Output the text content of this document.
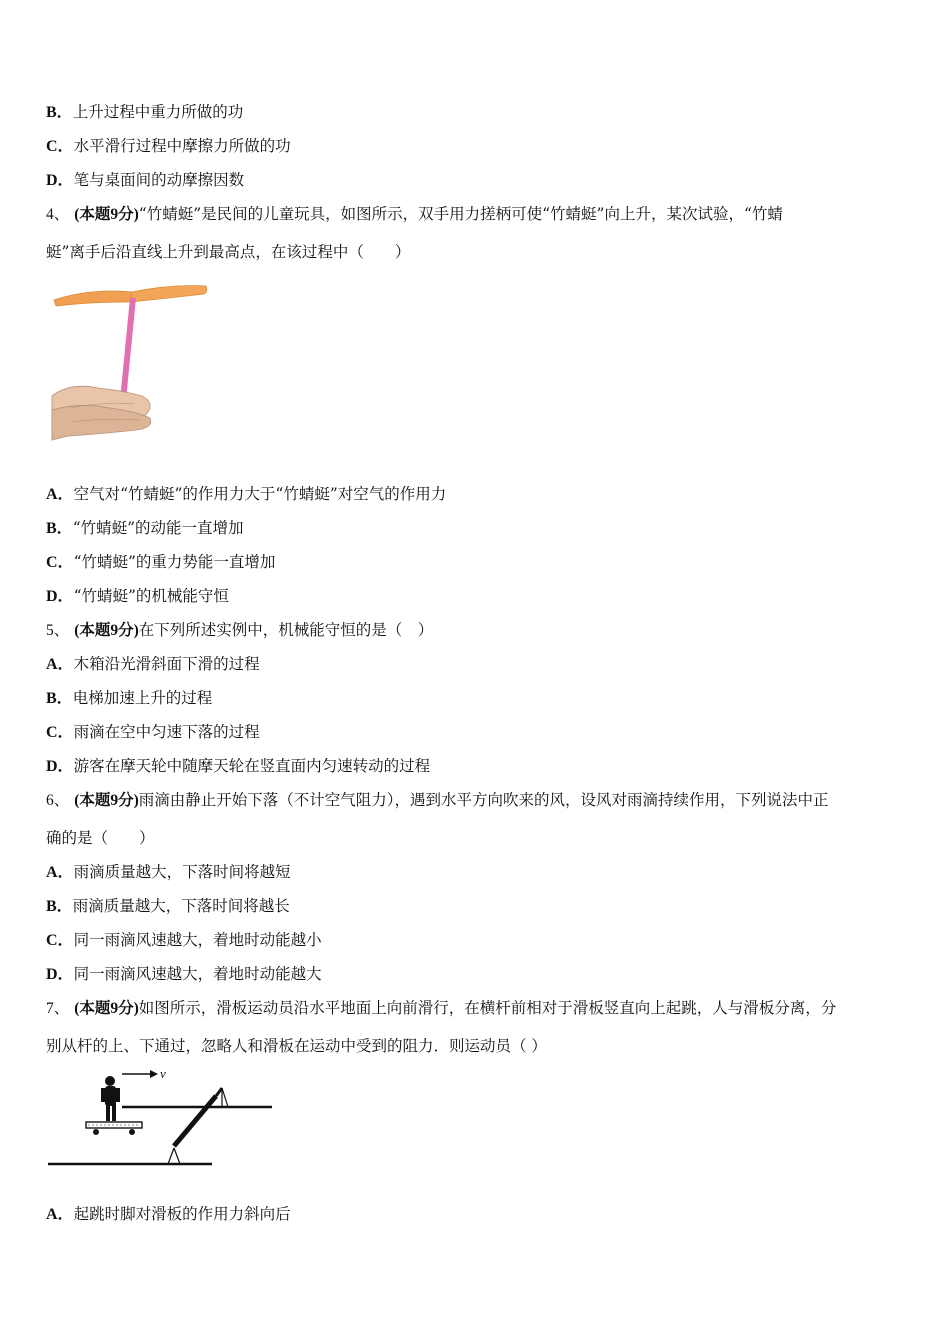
B．上升过程中重力所做的功
C．水平滑行过程中摩擦力所做的功
D．笔与桌面间的动摩擦因数
4、 (本题9分)“竹蜻蜓”是民间的儿童玩具，如图所示，双手用力搓柄可使“竹蜻蜓”向上升，某次试验，“竹蜻
蜓”离手后沿直线上升到最高点，在该过程中（　　）
A．空气对“竹蜻蜓”的作用力大于“竹蜻蜓”对空气的作用力
B．“竹蜻蜓”的动能一直增加
C．“竹蜻蜓”的重力势能一直增加
D．“竹蜻蜓”的机械能守恒
5、 (本题9分)在下列所述实例中，机械能守恒的是（　）
A．木箱沿光滑斜面下滑的过程
B．电梯加速上升的过程
C．雨滴在空中匀速下落的过程
D．游客在摩天轮中随摩天轮在竖直面内匀速转动的过程
6、 (本题9分)雨滴由静止开始下落（不计空气阻力），遇到水平方向吹来的风，设风对雨滴持续作用，下列说法中正
确的是（　　）
A．雨滴质量越大，下落时间将越短
B．雨滴质量越大，下落时间将越长
C．同一雨滴风速越大，着地时动能越小
D．同一雨滴风速越大，着地时动能越大
7、 (本题9分)如图所示，滑板运动员沿水平地面上向前滑行，在横杆前相对于滑板竖直向上起跳，人与滑板分离，分
别从杆的上、下通过，忽略人和滑板在运动中受到的阻力．则运动员（ ）
v
A．起跳时脚对滑板的作用力斜向后
